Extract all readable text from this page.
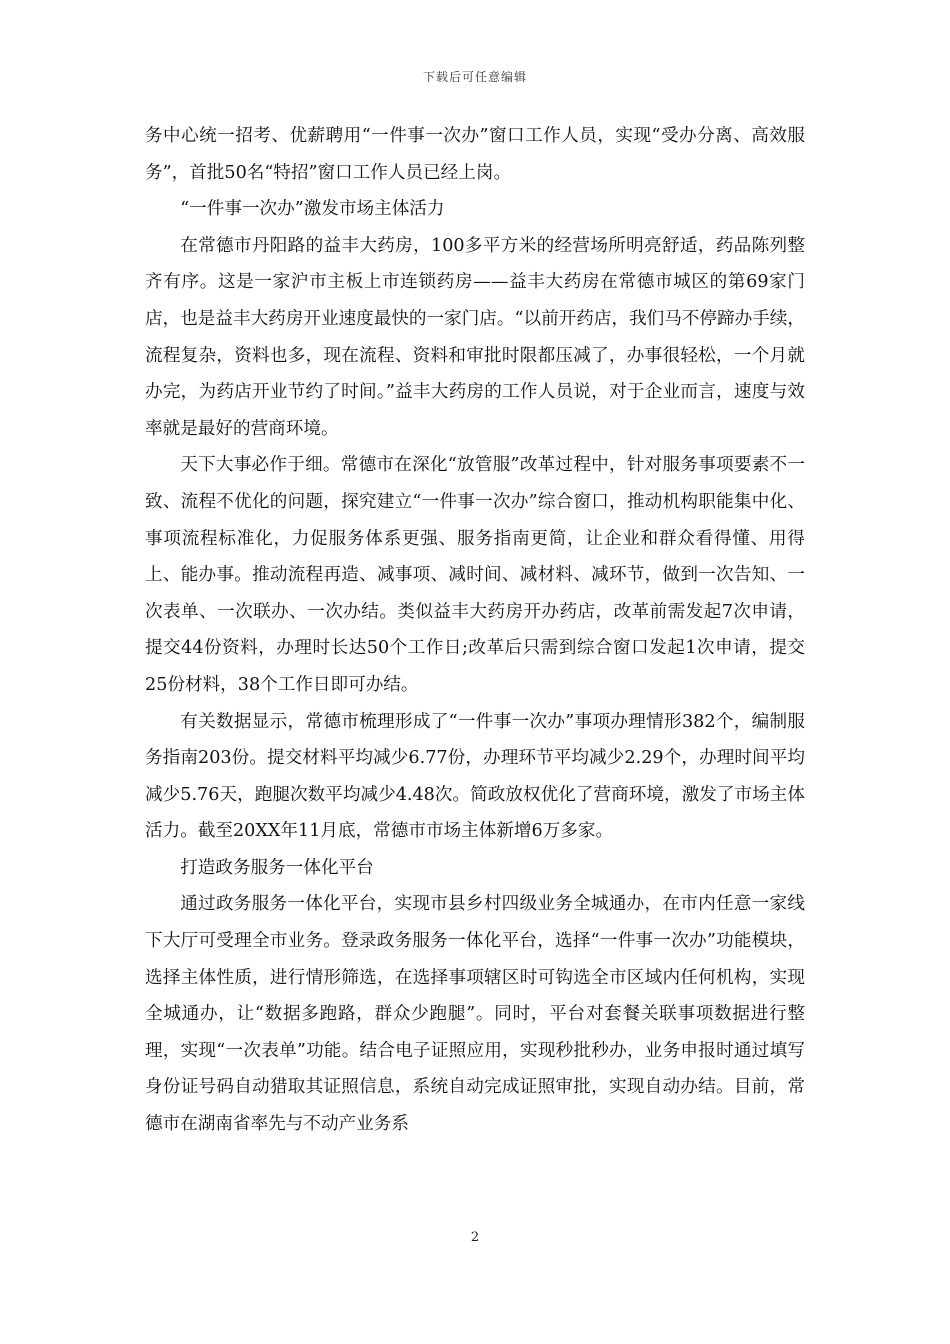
下载后可任意编辑

务中心统一招考、优薪聘用“一件事一次办”窗口工作人员，实现“受办分离、高效服务”，首批50名“特招”窗口工作人员已经上岗。

“一件事一次办”激发市场主体活力

在常德市丹阳路的益丰大药房，100多平方米的经营场所明亮舒适，药品陈列整齐有序。这是一家沪市主板上市连锁药房——益丰大药房在常德市城区的第69家门店，也是益丰大药房开业速度最快的一家门店。“以前开药店，我们马不停蹄办手续，流程复杂，资料也多，现在流程、资料和审批时限都压减了，办事很轻松，一个月就办完，为药店开业节约了时间。”益丰大药房的工作人员说，对于企业而言，速度与效率就是最好的营商环境。

天下大事必作于细。常德市在深化“放管服”改革过程中，针对服务事项要素不一致、流程不优化的问题，探究建立“一件事一次办”综合窗口，推动机构职能集中化、事项流程标准化，力促服务体系更强、服务指南更简，让企业和群众看得懂、用得上、能办事。推动流程再造、减事项、减时间、减材料、减环节，做到一次告知、一次表单、一次联办、一次办结。类似益丰大药房开办药店，改革前需发起7次申请，提交44份资料，办理时长达50个工作日;改革后只需到综合窗口发起1次申请，提交25份材料，38个工作日即可办结。

有关数据显示，常德市梳理形成了“一件事一次办”事项办理情形382个，编制服务指南203份。提交材料平均减少6.77份，办理环节平均减少2.29个，办理时间平均减少5.76天，跑腿次数平均减少4.48次。简政放权优化了营商环境，激发了市场主体活力。截至20XX年11月底，常德市市场主体新增6万多家。

打造政务服务一体化平台

通过政务服务一体化平台，实现市县乡村四级业务全城通办，在市内任意一家线下大厅可受理全市业务。登录政务服务一体化平台，选择“一件事一次办”功能模块，选择主体性质，进行情形筛选，在选择事项辖区时可钩选全市区域内任何机构，实现全城通办，让“数据多跑路，群众少跑腿”。同时，平台对套餐关联事项数据进行整理，实现“一次表单”功能。结合电子证照应用，实现秒批秒办，业务申报时通过填写身份证号码自动猎取其证照信息，系统自动完成证照审批，实现自动办结。目前，常德市在湖南省率先与不动产业务系

2
